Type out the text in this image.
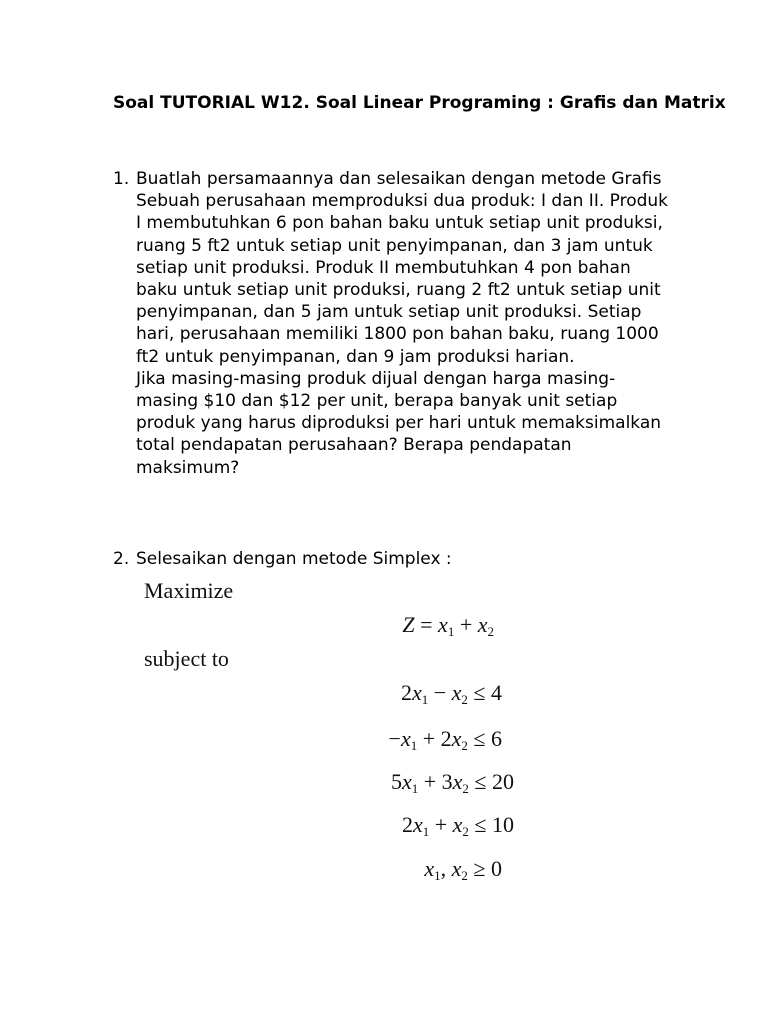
Soal TUTORIAL W12. Soal Linear Programing : Grafis dan Matrix
1. Buatlah persamaannya dan selesaikan dengan metode Grafis
Sebuah perusahaan memproduksi dua produk: I dan II. Produk I membutuhkan 6 pon bahan baku untuk setiap unit produksi, ruang 5 ft2 untuk setiap unit penyimpanan, dan 3 jam untuk setiap unit produksi. Produk II membutuhkan 4 pon bahan baku untuk setiap unit produksi, ruang 2 ft2 untuk setiap unit penyimpanan, dan 5 jam untuk setiap unit produksi. Setiap hari, perusahaan memiliki 1800 pon bahan baku, ruang 1000 ft2 untuk penyimpanan, dan 9 jam produksi harian.
Jika masing-masing produk dijual dengan harga masing-masing $10 dan $12 per unit, berapa banyak unit setiap produk yang harus diproduksi per hari untuk memaksimalkan total pendapatan perusahaan? Berapa pendapatan maksimum?
2. Selesaikan dengan metode Simplex :
Maximize
subject to
$Z = x_1 + x_2$
$2x_1 - x_2 \le 4$
$-x_1 + 2x_2 \le 6$
$5x_1 + 3x_2 \le 20$
$2x_1 + x_2 \le 10$
$x_1$, $x_2 \ge 0$
